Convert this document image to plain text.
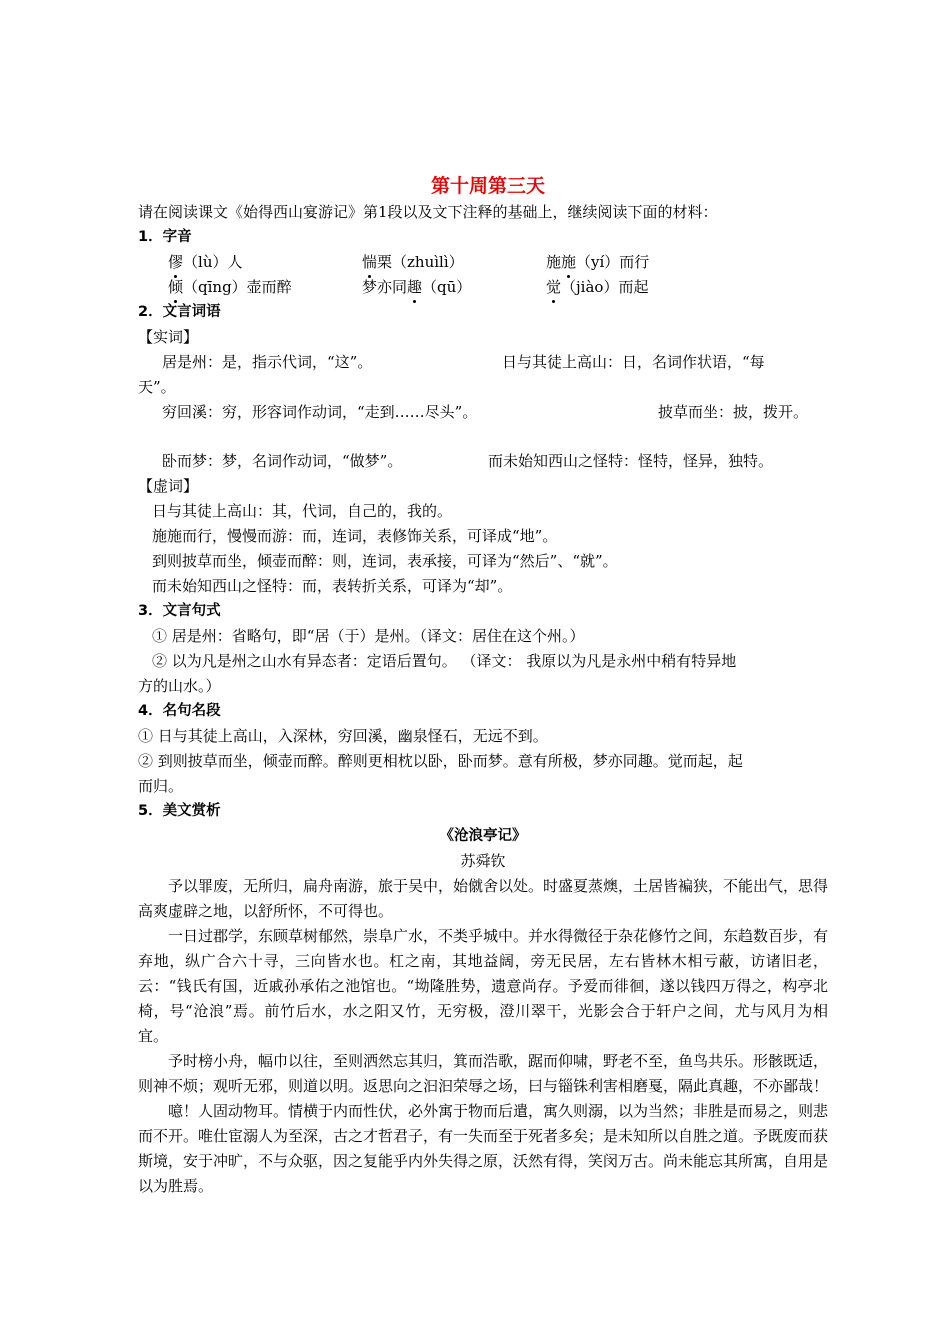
第十周第三天
请在阅读课文《始得西山宴游记》第1段以及文下注释的基础上，继续阅读下面的材料：
1．字音
僇（lù）人	惴栗（zhuìlì）	施施（yí）而行
倾（qīng）壶而醉	梦亦同趣（qū）	觉（jiào）而起
2．文言词语
【实词】
居是州：是，指示代词，“这”。	日与其徒上高山：日，名词作状语，“每
天”。
穷回溪：穷，形容词作动词，“走到……尽头”。	披草而坐：披，拨开。
卧而梦：梦，名词作动词，“做梦”。	而未始知西山之怪特：怪特，怪异，独特。
【虚词】
日与其徒上高山：其，代词，自己的，我的。
施施而行，慢慢而游：而，连词，表修饰关系，可译成“地”。
到则披草而坐，倾壶而醉：则，连词，表承接，可译为“然后”、“就”。
而未始知西山之怪特：而，表转折关系，可译为“却”。
3．文言句式
① 居是州：省略句，即“居（于）是州。（译文：居住在这个州。）
② 以为凡是州之山水有异态者：定语后置句。 （译文： 我原以为凡是永州中稍有特异地
方的山水。）
4．名句名段
① 日与其徒上高山，入深林，穷回溪，幽泉怪石，无远不到。
② 到则披草而坐，倾壶而醉。醉则更相枕以卧，卧而梦。意有所极，梦亦同趣。觉而起，起
而归。
5．美文赏析
《沧浪亭记》
苏舜钦
予以罪废，无所归，扁舟南游，旅于吴中，始僦舍以处。时盛夏蒸燠，土居皆褊狭，不能出气，思得高爽虚辟之地，以舒所怀，不可得也。
一日过郡学，东顾草树郁然，崇阜广水，不类乎城中。并水得微径于杂花修竹之间，东趋数百步，有弃地，纵广合六十寻，三向皆水也。杠之南，其地益阔，旁无民居，左右皆林木相亏蔽，访诸旧老，云：“钱氏有国，近戚孙承佑之池馆也。“坳隆胜势，遗意尚存。予爱而徘徊，遂以钱四万得之，构亭北椅，号“沧浪”焉。前竹后水，水之阳又竹，无穷极，澄川翠干，光影会合于轩户之间，尤与风月为相宜。
予时榜小舟，幅巾以往，至则洒然忘其归，箕而浩歌，踞而仰啸，野老不至，鱼鸟共乐。形骸既适，则神不烦；观听无邪，则道以明。返思向之汩汩荣辱之场，曰与锱铢利害相磨戛，隔此真趣，不亦鄙哉！
噫！人固动物耳。情横于内而性伏，必外寓于物而后遣，寓久则溺，以为当然；非胜是而易之，则悲而不开。唯仕宦溺人为至深，古之才哲君子，有一失而至于死者多矣；是未知所以自胜之道。予既废而获斯境，安于冲旷，不与众驱，因之复能乎内外失得之原，沃然有得，笑闵万古。尚未能忘其所寓，自用是以为胜焉。
